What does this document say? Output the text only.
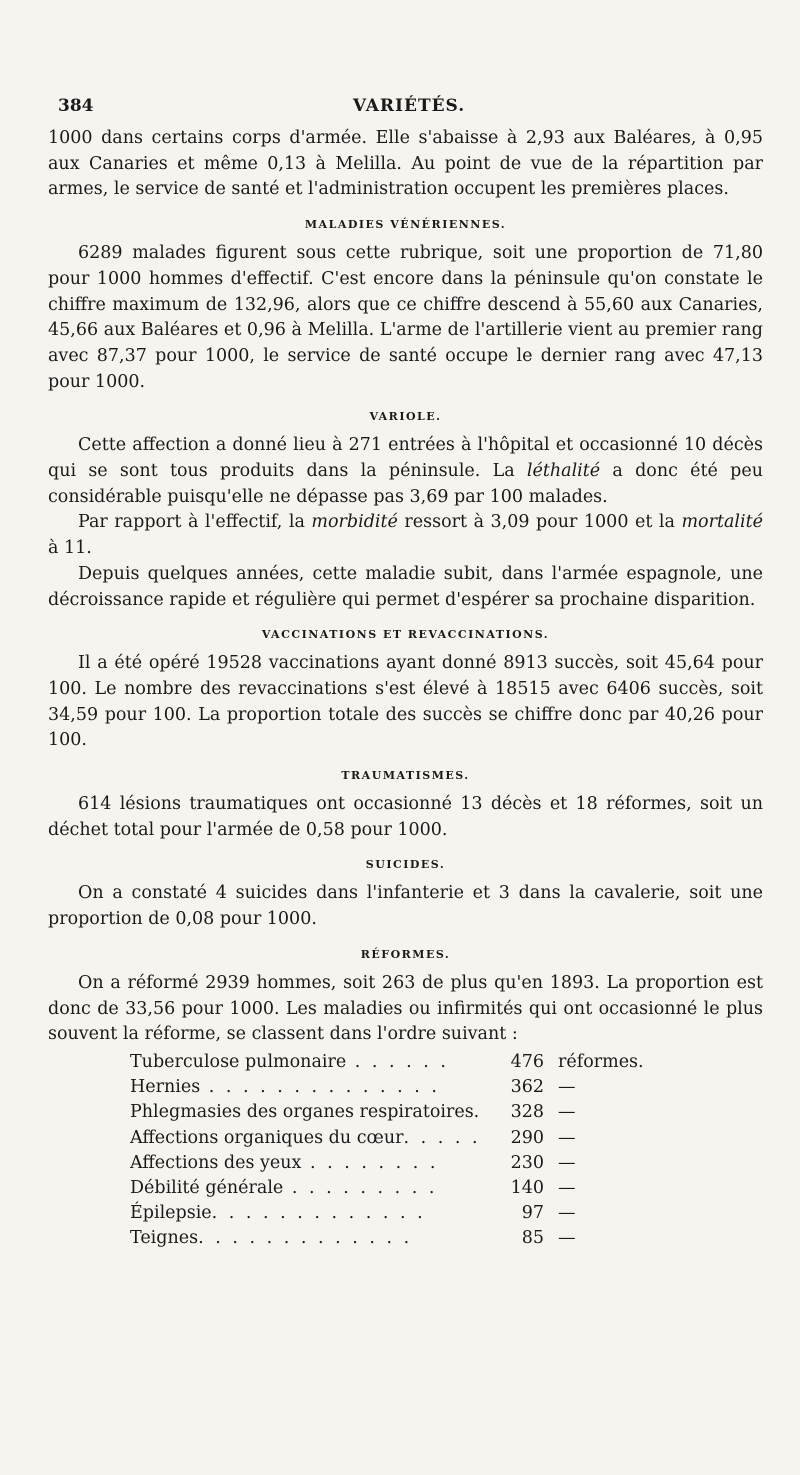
384	VARIÉTÉS.

1000 dans certains corps d'armée. Elle s'abaisse à 2,93 aux Baléares, à 0,95 aux Canaries et même 0,13 à Melilla. Au point de vue de la répartition par armes, le service de santé et l'administration occupent les premières places.

MALADIES VÉNÉRIENNES.

6289 malades figurent sous cette rubrique, soit une proportion de 71,80 pour 1000 hommes d'effectif. C'est encore dans la péninsule qu'on constate le chiffre maximum de 132,96, alors que ce chiffre descend à 55,60 aux Canaries, 45,66 aux Baléares et 0,96 à Melilla. L'arme de l'artillerie vient au premier rang avec 87,37 pour 1000, le service de santé occupe le dernier rang avec 47,13 pour 1000.

VARIOLE.

Cette affection a donné lieu à 271 entrées à l'hôpital et occasionné 10 décès qui se sont tous produits dans la péninsule. La léthalité a donc été peu considérable puisqu'elle ne dépasse pas 3,69 par 100 malades.

Par rapport à l'effectif, la morbidité ressort à 3,09 pour 1000 et la mortalité à 11.

Depuis quelques années, cette maladie subit, dans l'armée espagnole, une décroissance rapide et régulière qui permet d'espérer sa prochaine disparition.

VACCINATIONS ET REVACCINATIONS.

Il a été opéré 19528 vaccinations ayant donné 8913 succès, soit 45,64 pour 100. Le nombre des revaccinations s'est élevé à 18515 avec 6406 succès, soit 34,59 pour 100. La proportion totale des succès se chiffre donc par 40,26 pour 100.

TRAUMATISMES.

614 lésions traumatiques ont occasionné 13 décès et 18 réformes, soit un déchet total pour l'armée de 0,58 pour 1000.

SUICIDES.

On a constaté 4 suicides dans l'infanterie et 3 dans la cavalerie, soit une proportion de 0,08 pour 1000.

RÉFORMES.

On a réformé 2939 hommes, soit 263 de plus qu'en 1893. La proportion est donc de 33,56 pour 1000. Les maladies ou infirmités qui ont occasionné le plus souvent la réforme, se classent dans l'ordre suivant :

Tuberculose pulmonaire . . . . . .	476	réformes.
Hernies . . . . . . . . . . . . . .	362	—
Phlegmasies des organes respiratoires.	328	—
Affections organiques du cœur. . . . .	290	—
Affections des yeux . . . . . . . .	230	—
Débilité générale . . . . . . . . .	140	—
Épilepsie. . . . . . . . . . . . .	97	—
Teignes. . . . . . . . . . . . .	85	—
